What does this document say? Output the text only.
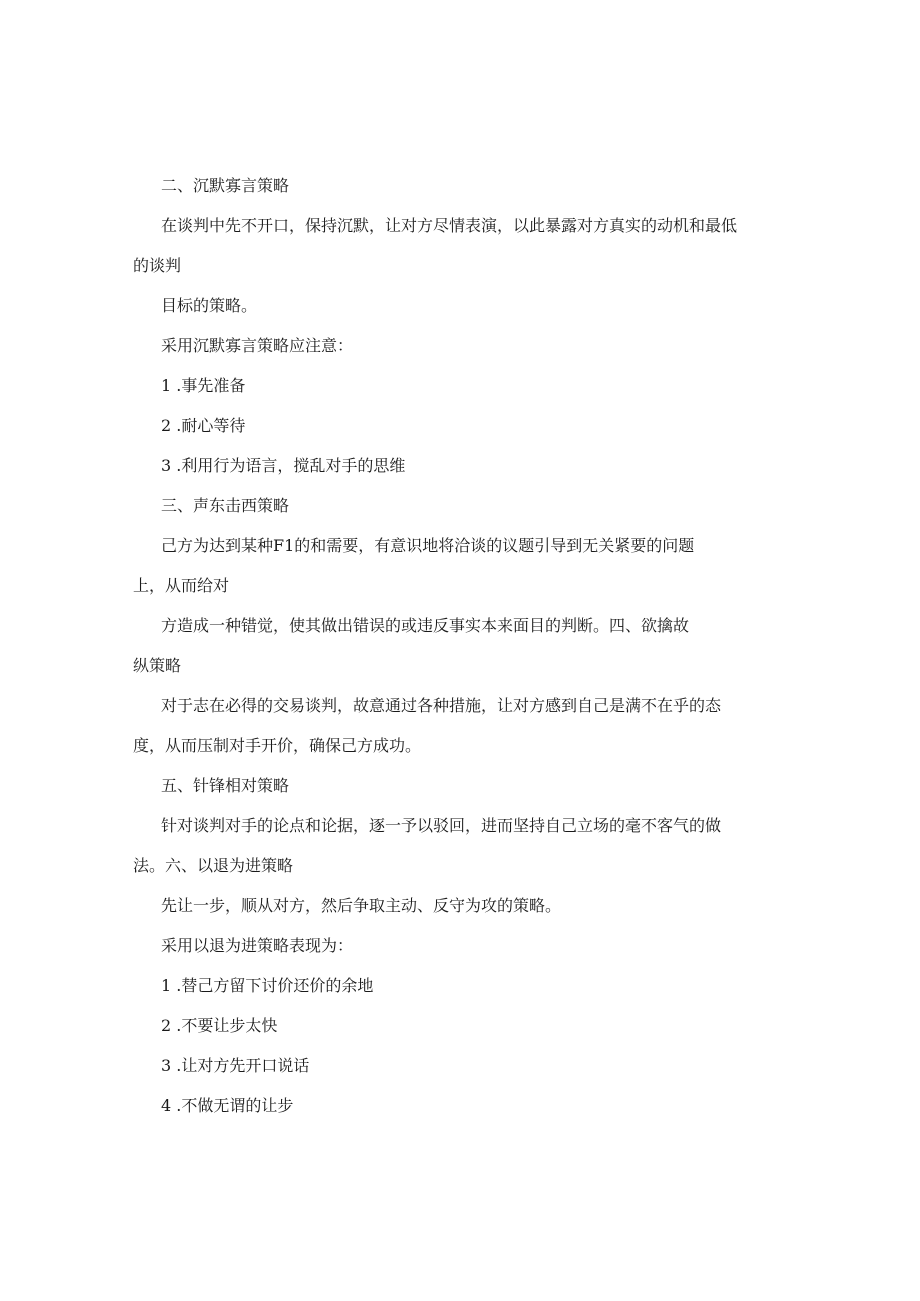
二、沉默寡言策略
在谈判中先不开口，保持沉默，让对方尽情表演，以此暴露对方真实的动机和最低
的谈判
目标的策略。
采用沉默寡言策略应注意：
1 .事先准备
2 .耐心等待
3 .利用行为语言，搅乱对手的思维
三、声东击西策略
己方为达到某种F1的和需要，有意识地将洽谈的议题引导到无关紧要的问题
上，从而给对
方造成一种错觉，使其做出错误的或违反事实本来面目的判断。四、欲擒故
纵策略
对于志在必得的交易谈判，故意通过各种措施，让对方感到自己是满不在乎的态
度，从而压制对手开价，确保己方成功。
五、针锋相对策略
针对谈判对手的论点和论据，逐一予以驳回，进而坚持自己立场的毫不客气的做
法。六、以退为进策略
先让一步，顺从对方，然后争取主动、反守为攻的策略。
采用以退为进策略表现为：
1 .替己方留下讨价还价的余地
2 .不要让步太快
3 .让对方先开口说话
4 .不做无谓的让步
